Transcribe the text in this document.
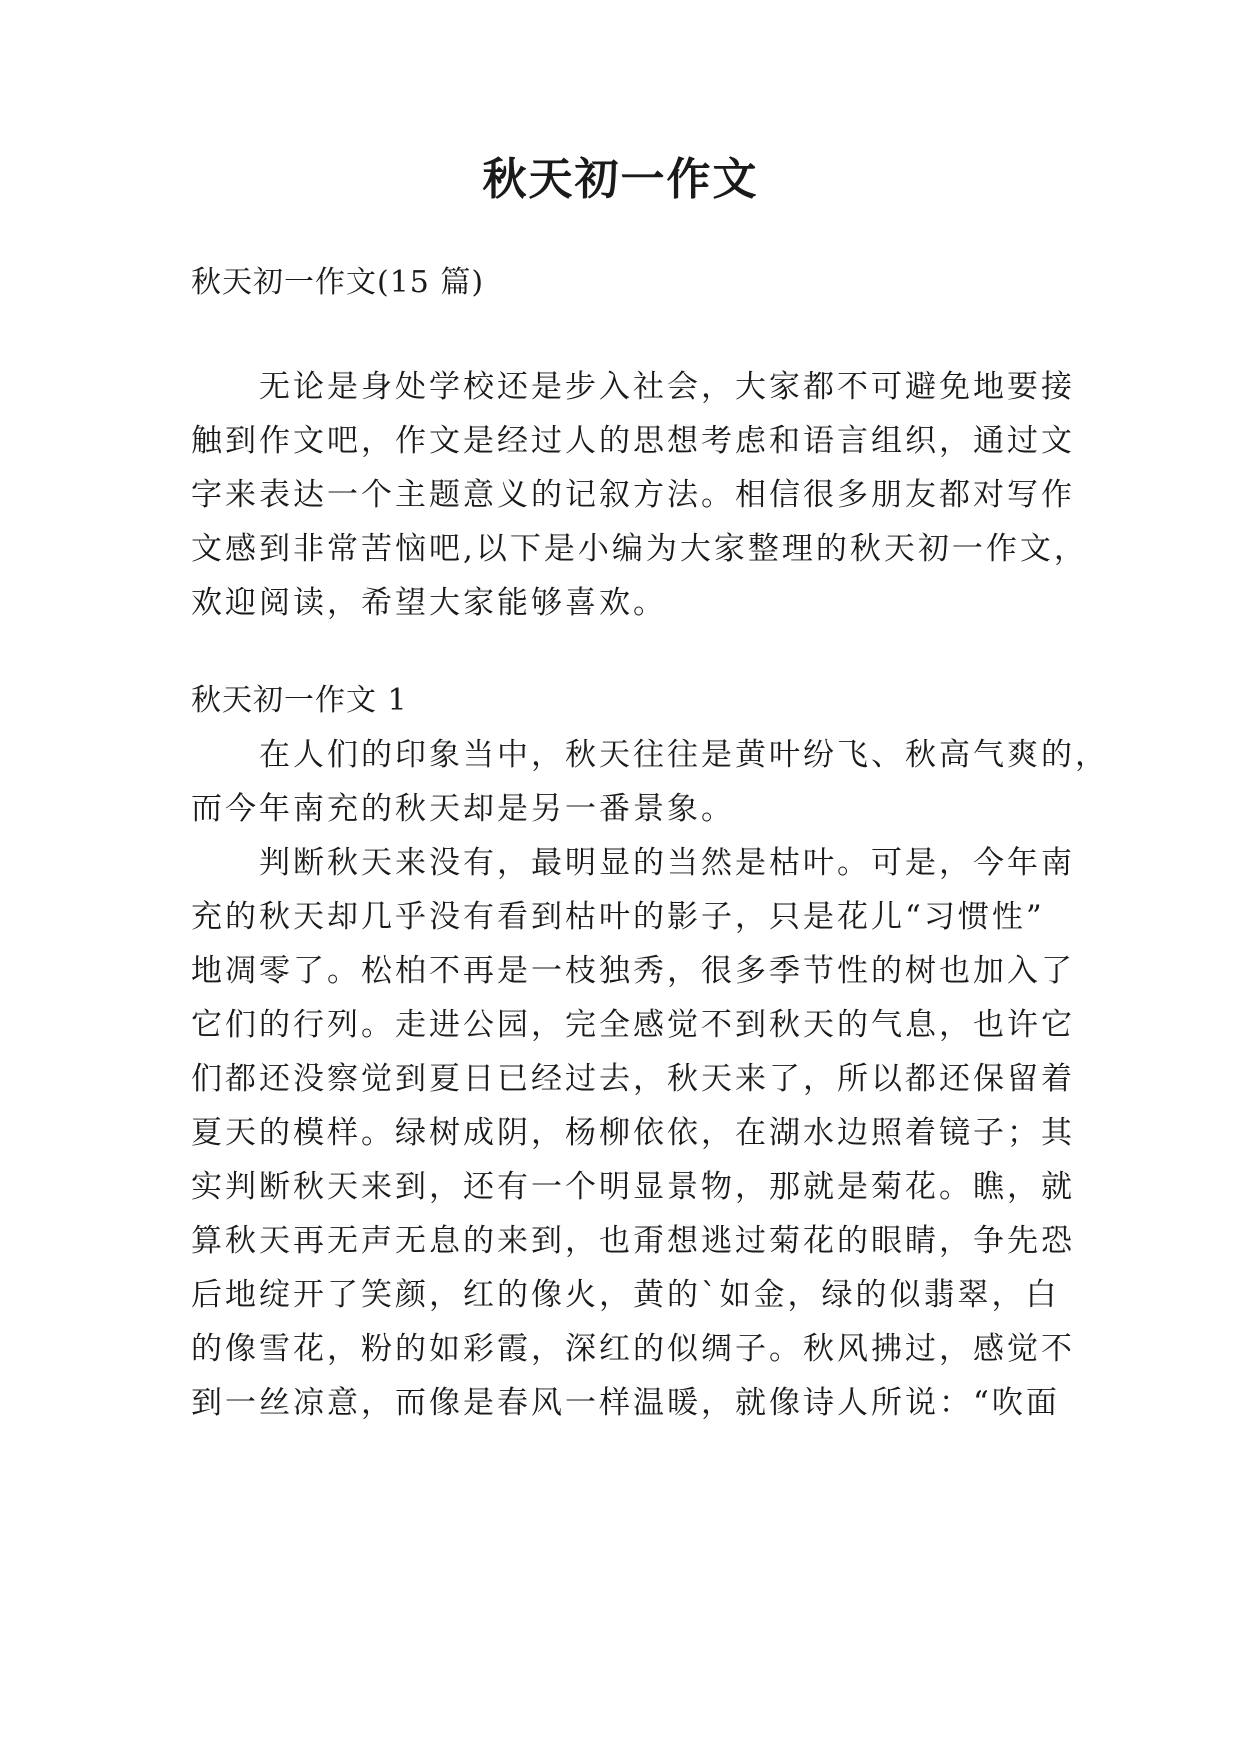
秋天初一作文

秋天初一作文(15 篇)

　　无论是身处学校还是步入社会，大家都不可避免地要接

触到作文吧，作文是经过人的思想考虑和语言组织，通过文

字来表达一个主题意义的记叙方法。相信很多朋友都对写作

文感到非常苦恼吧,以下是小编为大家整理的秋天初一作文，

欢迎阅读，希望大家能够喜欢。

秋天初一作文 1

　　在人们的印象当中，秋天往往是黄叶纷飞、秋高气爽的，

而今年南充的秋天却是另一番景象。

　　判断秋天来没有，最明显的当然是枯叶。可是，今年南

充的秋天却几乎没有看到枯叶的影子，只是花儿“习惯性”

地凋零了。松柏不再是一枝独秀，很多季节性的树也加入了

它们的行列。走进公园，完全感觉不到秋天的气息，也许它

们都还没察觉到夏日已经过去，秋天来了，所以都还保留着

夏天的模样。绿树成阴，杨柳依依，在湖水边照着镜子；其

实判断秋天来到，还有一个明显景物，那就是菊花。瞧，就

算秋天再无声无息的来到，也甭想逃过菊花的眼睛，争先恐

后地绽开了笑颜，红的像火，黄的`如金，绿的似翡翠，白

的像雪花，粉的如彩霞，深红的似绸子。秋风拂过，感觉不

到一丝凉意，而像是春风一样温暖，就像诗人所说：“吹面
